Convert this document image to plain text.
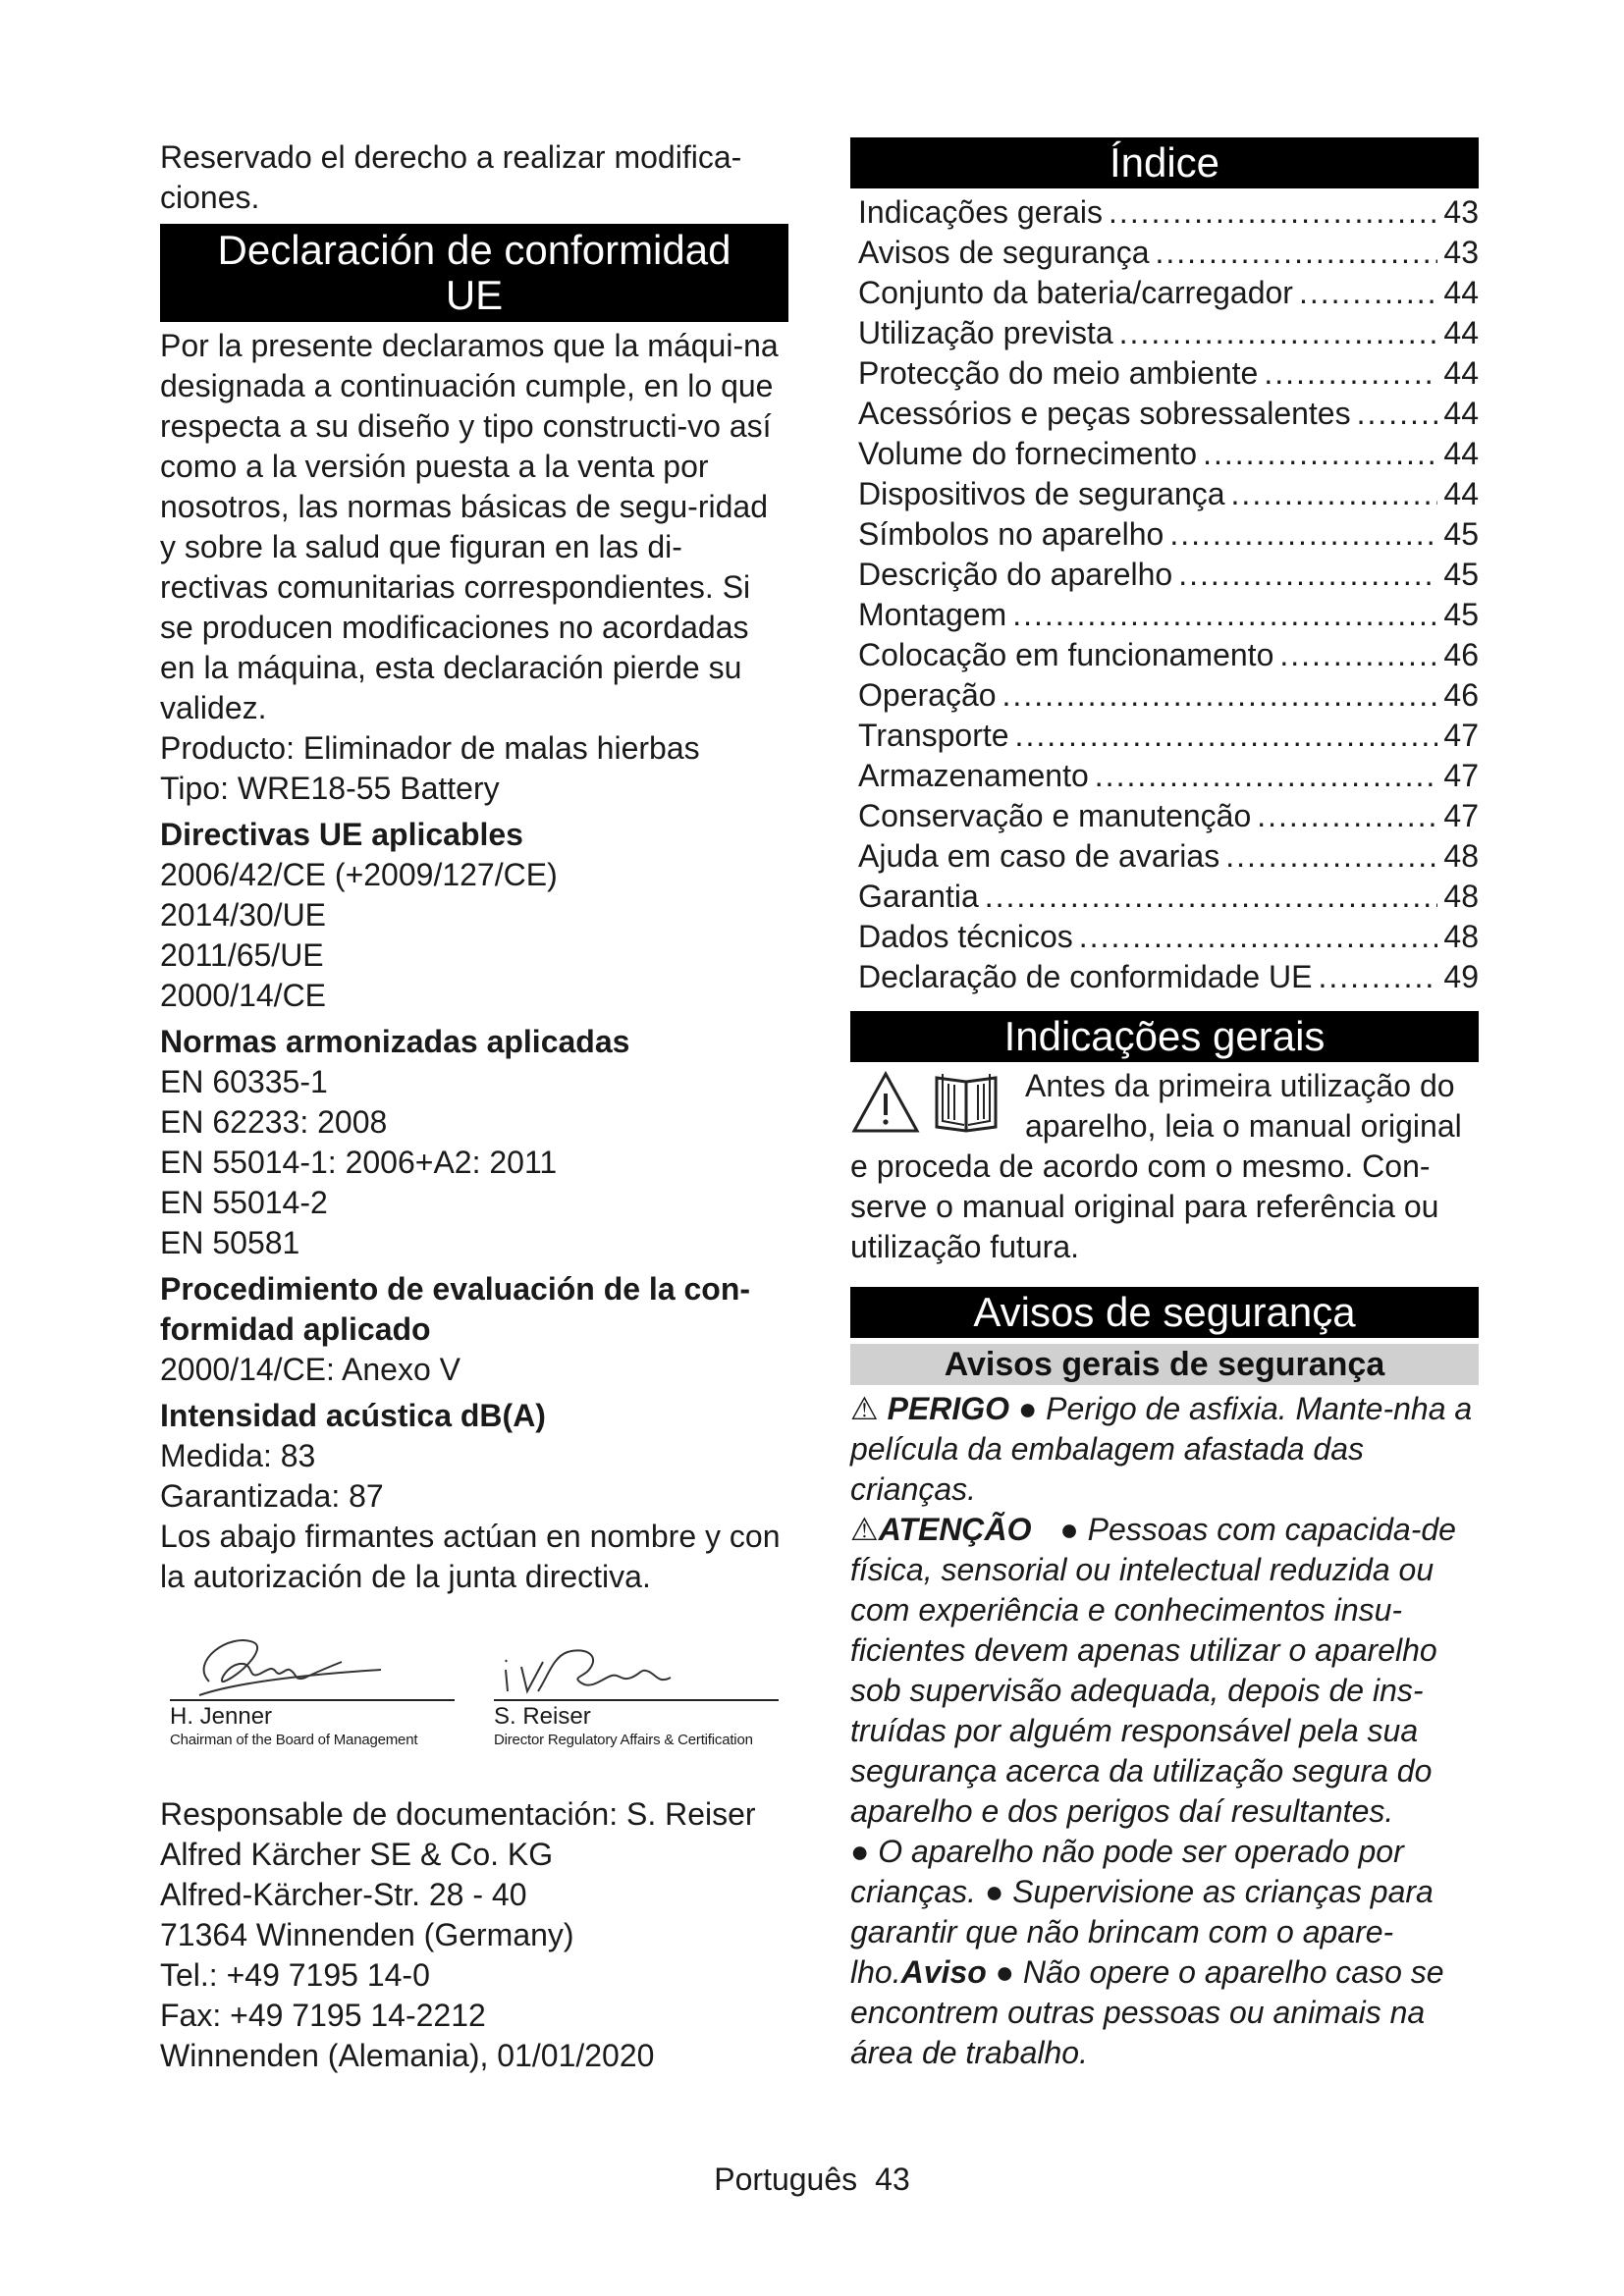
Reservado el derecho a realizar modifica-ciones.

Declaración de conformidad
UE

Por la presente declaramos que la máqui-na designada a continuación cumple, en lo que respecta a su diseño y tipo constructi-vo así como a la versión puesta a la venta por nosotros, las normas básicas de segu-ridad y sobre la salud que figuran en las di-rectivas comunitarias correspondientes. Si se producen modificaciones no acordadas en la máquina, esta declaración pierde su validez.

Producto: Eliminador de malas hierbas

Tipo: WRE18-55 Battery

Directivas UE aplicables

2006/42/CE (+2009/127/CE)

2014/30/UE

2011/65/UE

2000/14/CE

Normas armonizadas aplicadas

EN 60335-1

EN 62233: 2008

EN 55014-1: 2006+A2: 2011

EN 55014-2

EN 50581

Procedimiento de evaluación de la con-formidad aplicado

2000/14/CE: Anexo V

Intensidad acústica dB(A)

Medida: 83

Garantizada: 87

Los abajo firmantes actúan en nombre y con la autorización de la junta directiva.

H. Jenner
Chairman of the Board of Management
S. Reiser
Director Regulatory Affairs & Certification

Responsable de documentación: S. Reiser

Alfred Kärcher SE & Co. KG

Alfred-Kärcher-Str. 28 - 40

71364 Winnenden (Germany)

Tel.: +49 7195 14-0

Fax: +49 7195 14-2212

Winnenden (Alemania), 01/01/2020

Índice
Indicações gerais .....	43
Avisos de segurança .....	43
Conjunto da bateria/carregador .....	44
Utilização prevista .....	44
Protecção do meio ambiente .....	44
Acessórios e peças sobressalentes .....	44
Volume do fornecimento .....	44
Dispositivos de segurança .....	44
Símbolos no aparelho .....	45
Descrição do aparelho .....	45
Montagem .....	45
Colocação em funcionamento .....	46
Operação .....	46
Transporte .....	47
Armazenamento .....	47
Conservação e manutenção .....	47
Ajuda em caso de avarias .....	48
Garantia .....	48
Dados técnicos .....	48
Declaração de conformidade UE .....	49
Indicações gerais
Antes da primeira utilização do
aparelho, leia o manual original
e proceda de acordo com o mesmo. Con-serve o manual original para referência ou utilização futura.
Avisos de segurança
Avisos gerais de segurança

⚠ PERIGO ● Perigo de asfixia. Mante-nha a película da embalagem afastada das crianças.

⚠ATENÇÃO ● Pessoas com capacida-de física, sensorial ou intelectual reduzida ou com experiência e conhecimentos insu-ficientes devem apenas utilizar o aparelho sob supervisão adequada, depois de ins-truídas por alguém responsável pela sua segurança acerca da utilização segura do aparelho e dos perigos daí resultantes.

● O aparelho não pode ser operado por crianças. ● Supervisione as crianças para garantir que não brincam com o apare-lho.Aviso ● Não opere o aparelho caso se encontrem outras pessoas ou animais na área de trabalho.

Português 43
